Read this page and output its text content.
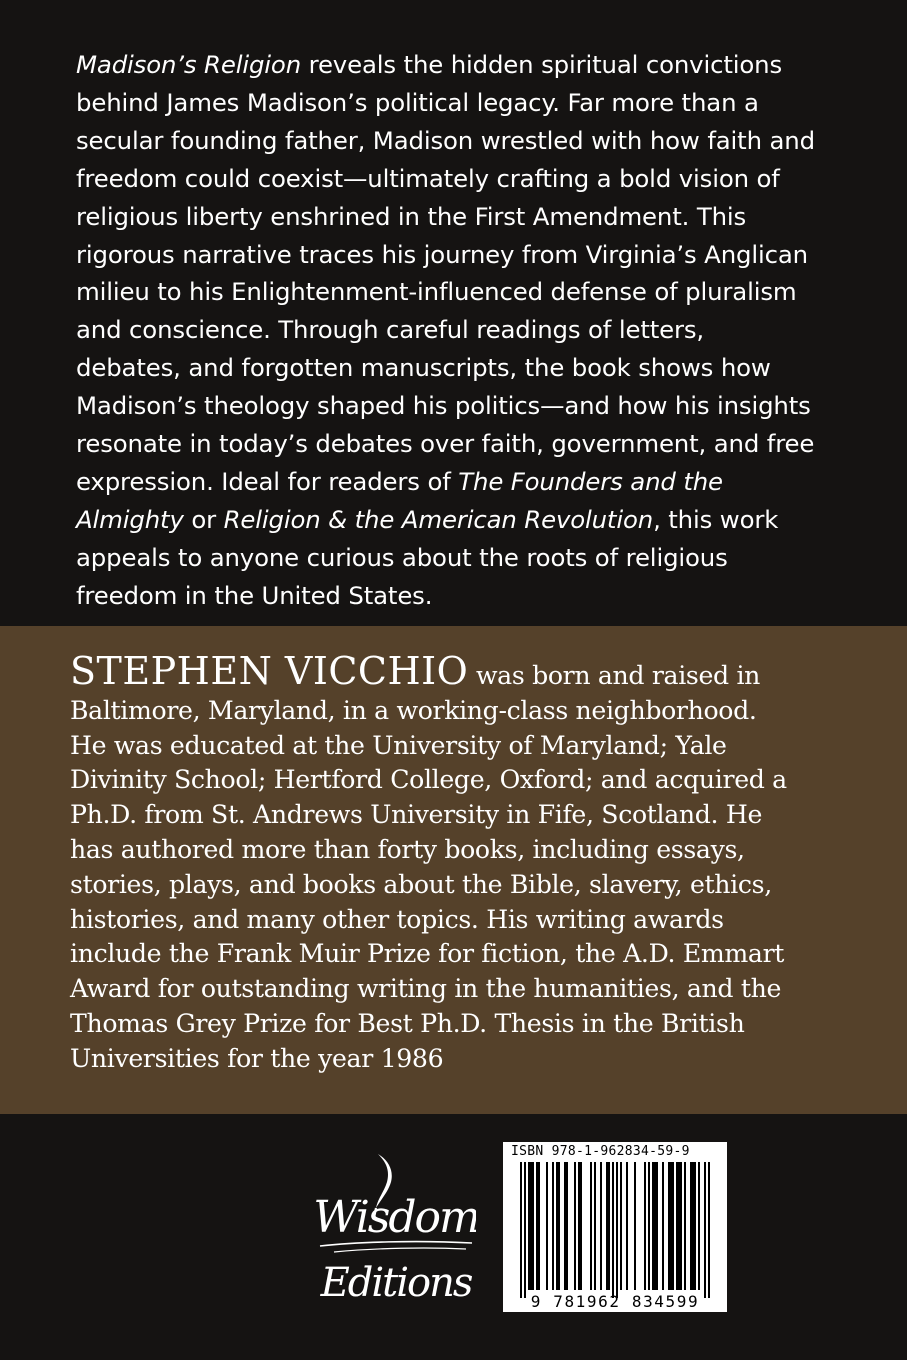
Madison’s Religion reveals the hidden spiritual convictions
behind James Madison’s political legacy. Far more than a
secular founding father, Madison wrestled with how faith and
freedom could coexist—ultimately crafting a bold vision of
religious liberty enshrined in the First Amendment. This
rigorous narrative traces his journey from Virginia’s Anglican
milieu to his Enlightenment-influenced defense of pluralism
and conscience. Through careful readings of letters,
debates, and forgotten manuscripts, the book shows how
Madison’s theology shaped his politics—and how his insights
resonate in today’s debates over faith, government, and free
expression. Ideal for readers of The Founders and the
Almighty or Religion & the American Revolution, this work
appeals to anyone curious about the roots of religious
freedom in the United States.

STEPHEN VICCHIO was born and raised in
Baltimore, Maryland, in a working-class neighborhood.
He was educated at the University of Maryland; Yale
Divinity School; Hertford College, Oxford; and acquired a
Ph.D. from St. Andrews University in Fife, Scotland. He
has authored more than forty books, including essays,
stories, plays, and books about the Bible, slavery, ethics,
histories, and many other topics. His writing awards
include the Frank Muir Prize for fiction, the A.D. Emmart
Award for outstanding writing in the humanities, and the
Thomas Grey Prize for Best Ph.D. Thesis in the British
Universities for the year 1986

Wisdom
Editions
ISBN 978-1-962834-59-9
9 781962 834599
